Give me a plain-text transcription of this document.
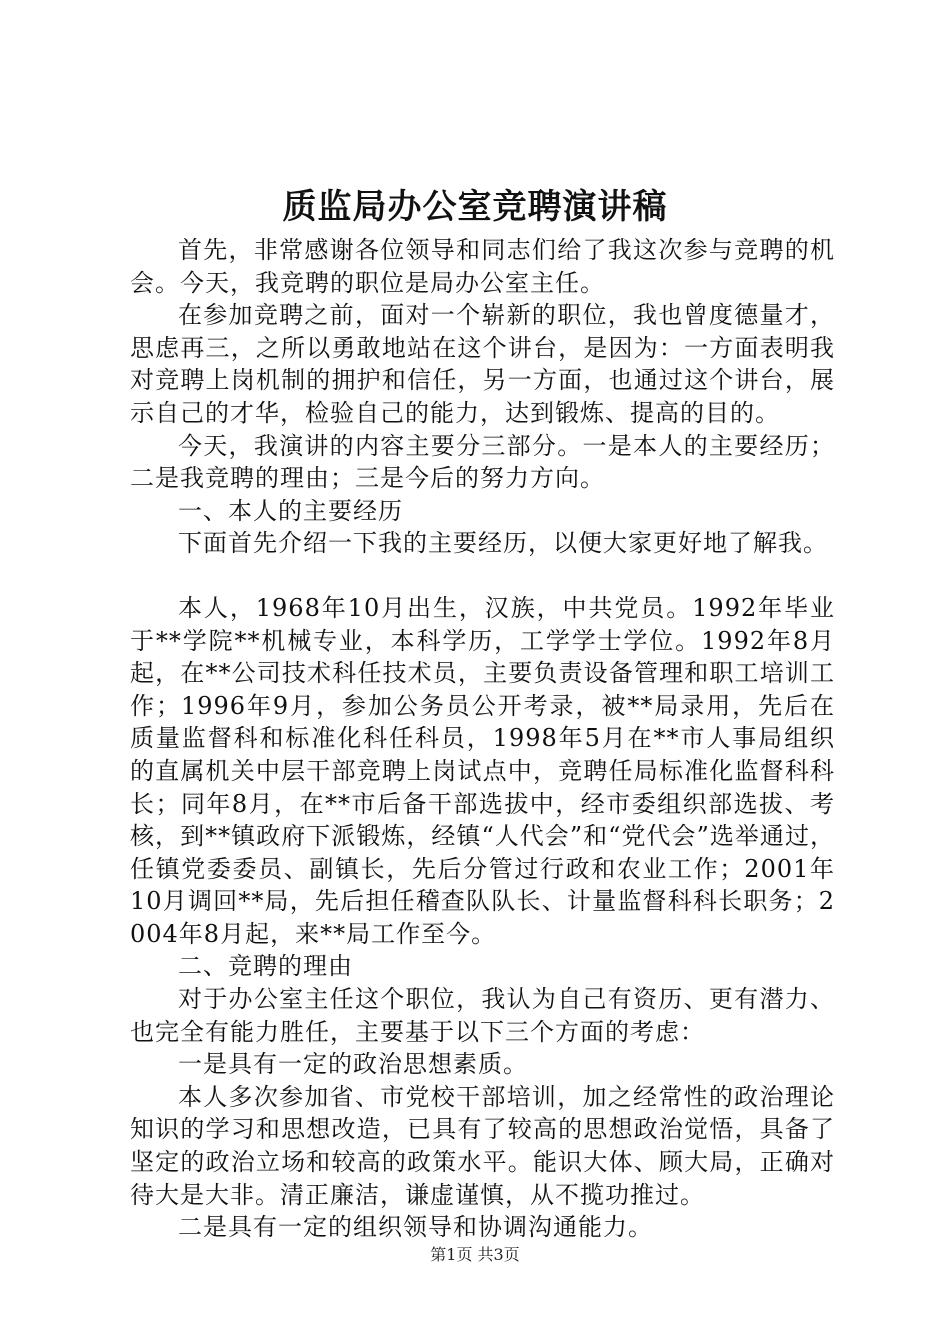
质监局办公室竞聘演讲稿

首先，非常感谢各位领导和同志们给了我这次参与竞聘的机会。今天，我竞聘的职位是局办公室主任。

在参加竞聘之前，面对一个崭新的职位，我也曾度德量才，思虑再三，之所以勇敢地站在这个讲台，是因为：一方面表明我对竞聘上岗机制的拥护和信任，另一方面，也通过这个讲台，展示自己的才华，检验自己的能力，达到锻炼、提高的目的。

今天，我演讲的内容主要分三部分。一是本人的主要经历；二是我竞聘的理由；三是今后的努力方向。

一、本人的主要经历

下面首先介绍一下我的主要经历，以便大家更好地了解我。

本人，1968年10月出生，汉族，中共党员。1992年毕业于**学院**机械专业，本科学历，工学学士学位。1992年8月起，在**公司技术科任技术员，主要负责设备管理和职工培训工作；1996年9月，参加公务员公开考录，被**局录用，先后在质量监督科和标准化科任科员，1998年5月在**市人事局组织的直属机关中层干部竞聘上岗试点中，竞聘任局标准化监督科科长；同年8月，在**市后备干部选拔中，经市委组织部选拔、考核，到**镇政府下派锻炼，经镇“人代会”和“党代会”选举通过，任镇党委委员、副镇长，先后分管过行政和农业工作；2001年10月调回**局，先后担任稽查队队长、计量监督科科长职务；2004年8月起，来**局工作至今。

二、竞聘的理由

对于办公室主任这个职位，我认为自己有资历、更有潜力、也完全有能力胜任，主要基于以下三个方面的考虑：

一是具有一定的政治思想素质。

本人多次参加省、市党校干部培训，加之经常性的政治理论知识的学习和思想改造，已具有了较高的思想政治觉悟，具备了坚定的政治立场和较高的政策水平。能识大体、顾大局，正确对待大是大非。清正廉洁，谦虚谨慎，从不揽功推过。

二是具有一定的组织领导和协调沟通能力。

第1页 共3页
